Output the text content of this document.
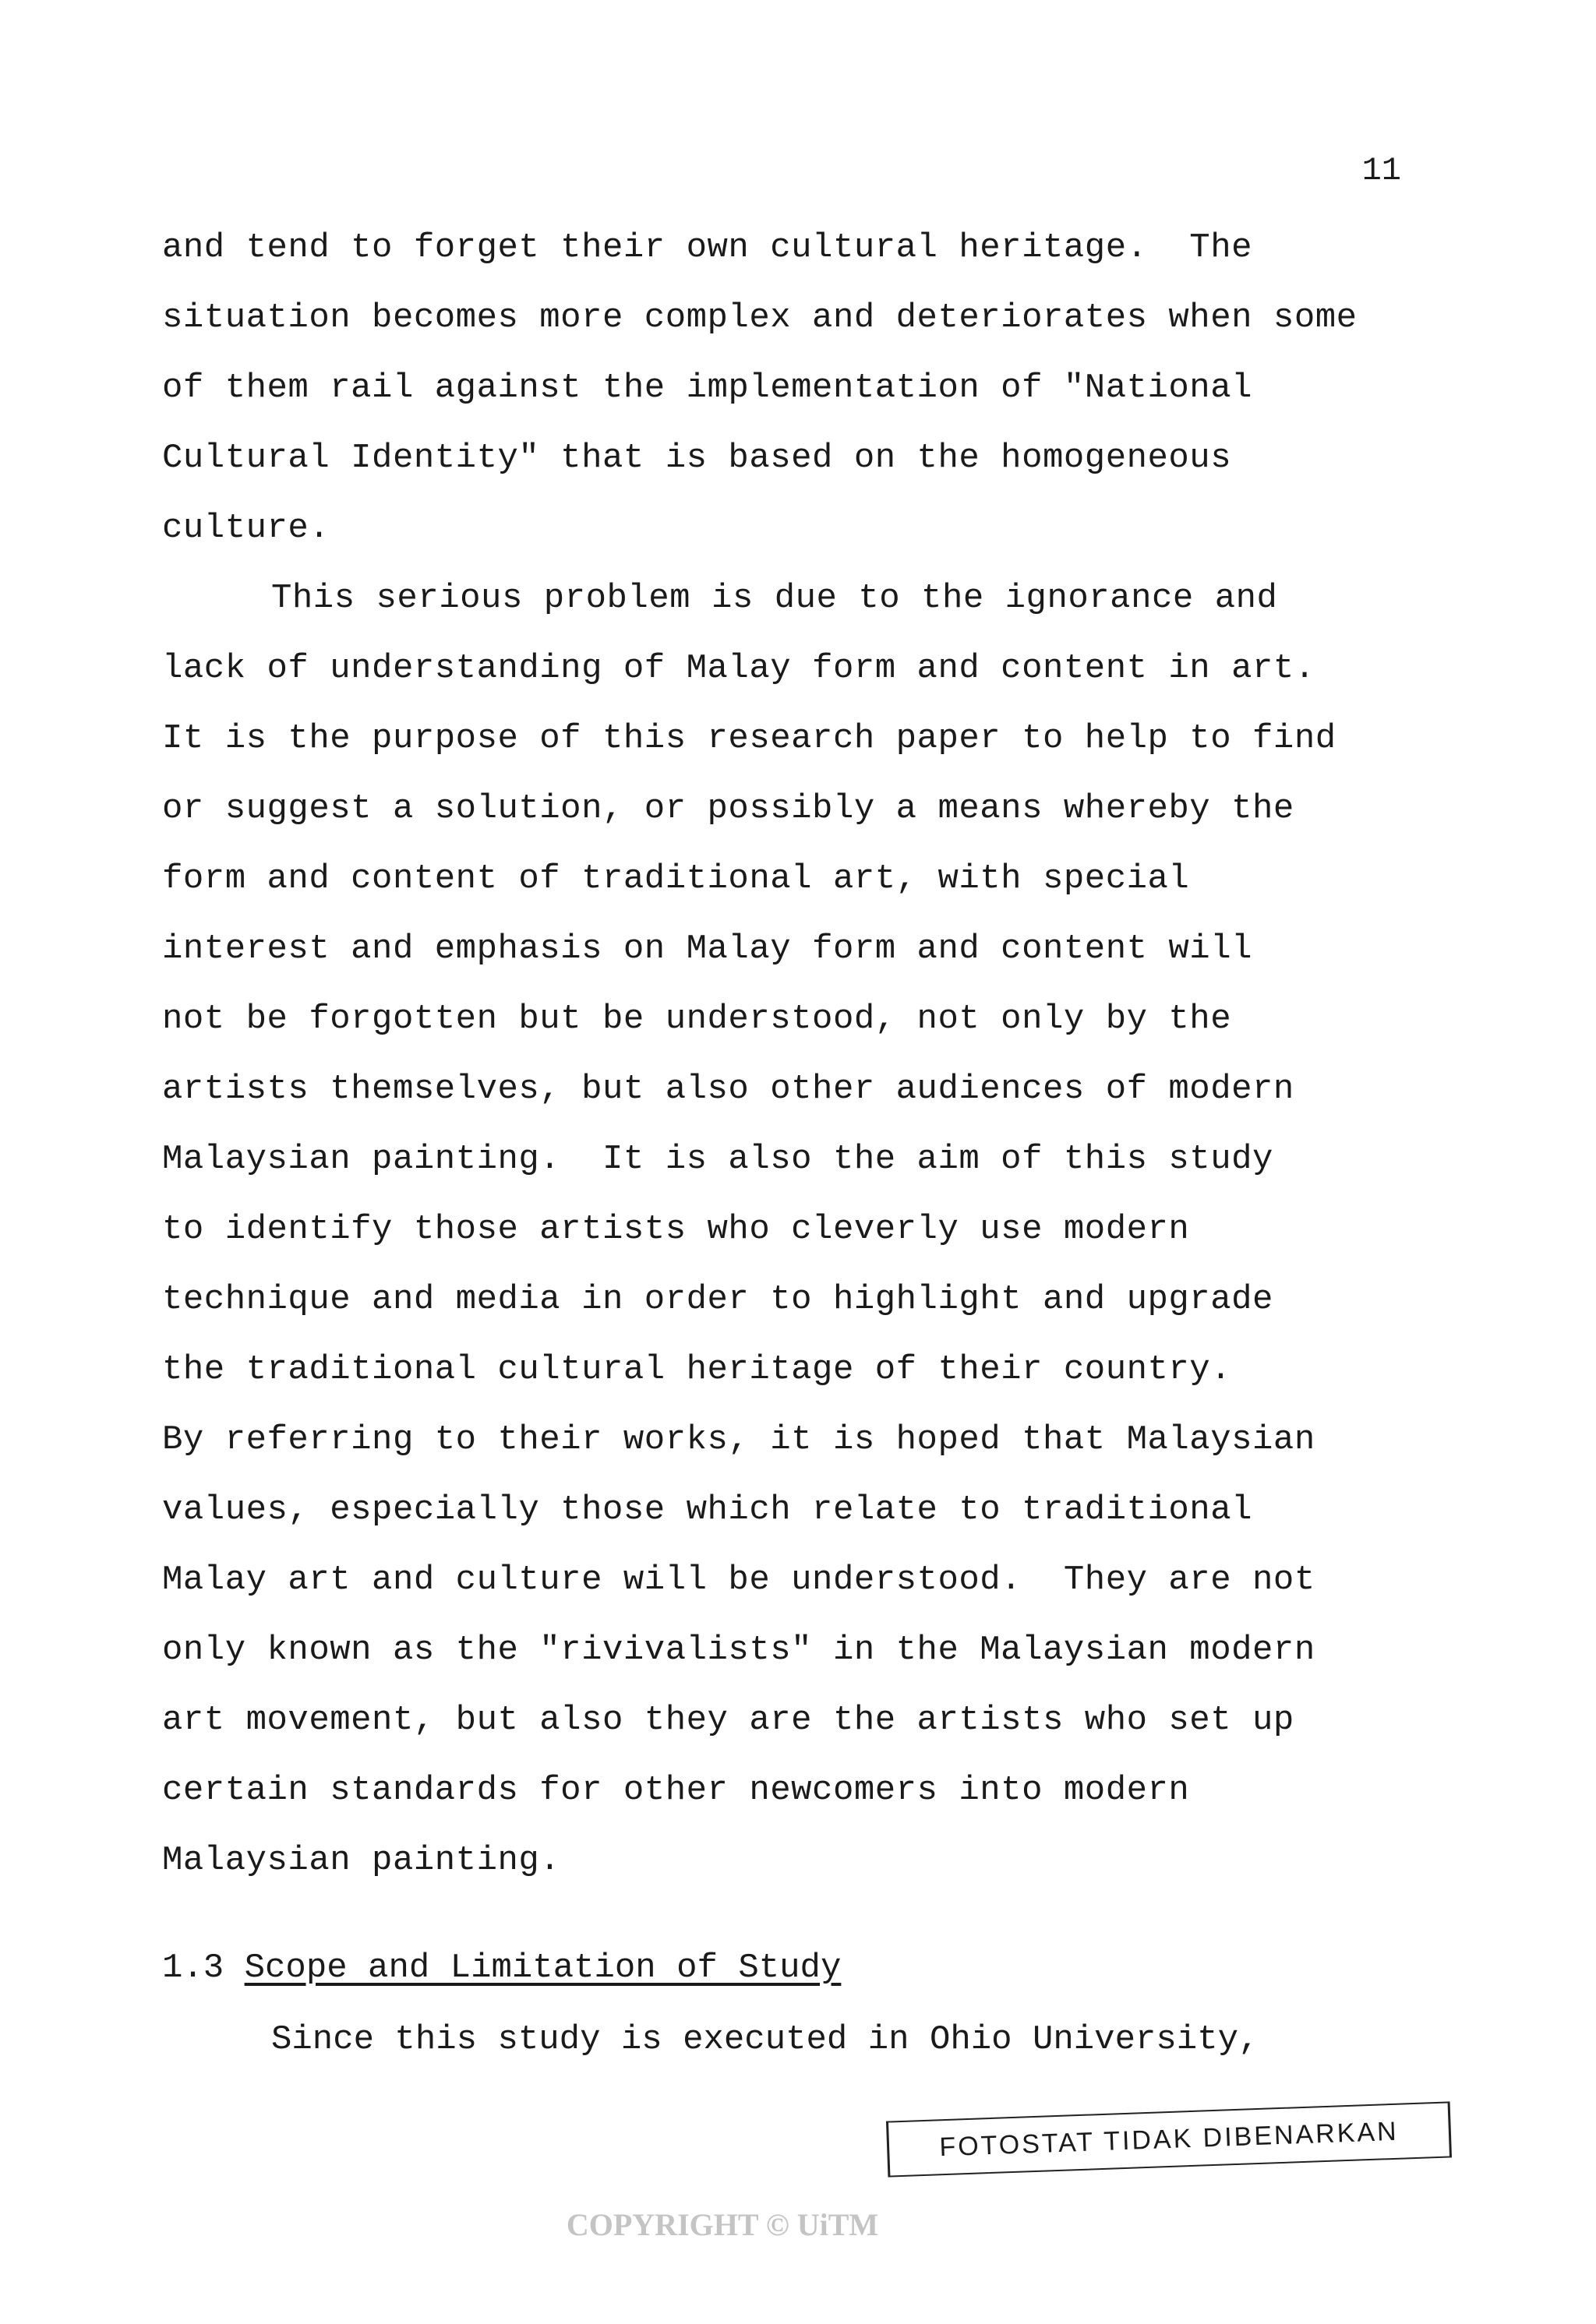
11
and tend to forget their own cultural heritage.  The
situation becomes more complex and deteriorates when some
of them rail against the implementation of "National
Cultural Identity" that is based on the homogeneous
culture.
This serious problem is due to the ignorance and
lack of understanding of Malay form and content in art.
It is the purpose of this research paper to help to find
or suggest a solution, or possibly a means whereby the
form and content of traditional art, with special
interest and emphasis on Malay form and content will
not be forgotten but be understood, not only by the
artists themselves, but also other audiences of modern
Malaysian painting.  It is also the aim of this study
to identify those artists who cleverly use modern
technique and media in order to highlight and upgrade
the traditional cultural heritage of their country.
By referring to their works, it is hoped that Malaysian
values, especially those which relate to traditional
Malay art and culture will be understood.  They are not
only known as the "rivivalists" in the Malaysian modern
art movement, but also they are the artists who set up
certain standards for other newcomers into modern
Malaysian painting.
1.3 Scope and Limitation of Study
Since this study is executed in Ohio University,
FOTOSTAT TIDAK DIBENARKAN
COPYRIGHT © UiTM
